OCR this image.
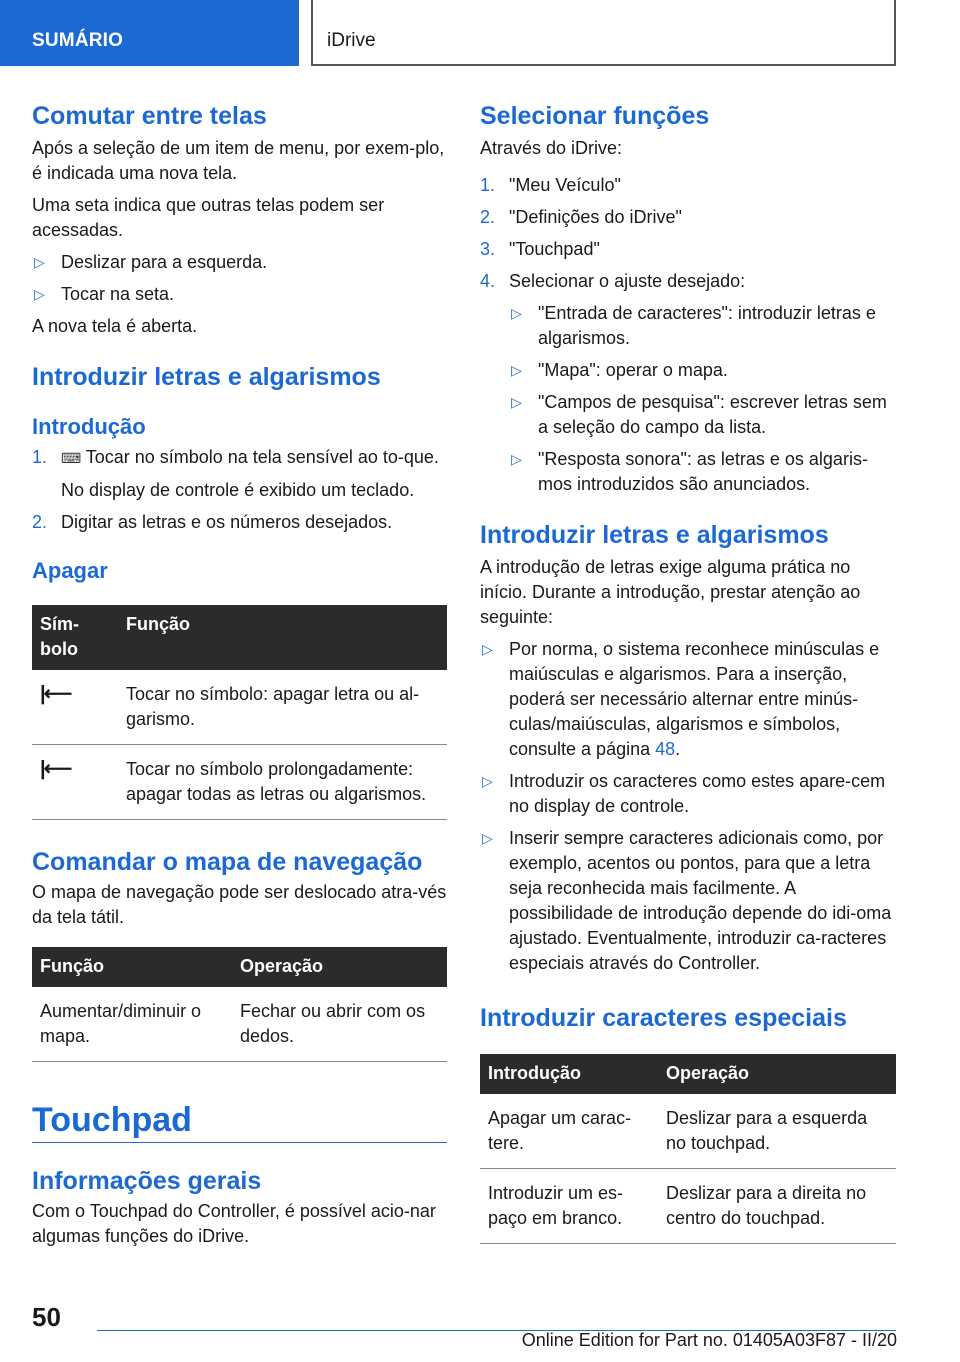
SUMÁRIO	iDrive
Comutar entre telas

Após a seleção de um item de menu, por exem-plo, é indicada uma nova tela.

Uma seta indica que outras telas podem ser acessadas.

▷ Deslizar para a esquerda.
▷ Tocar na seta.

A nova tela é aberta.

Introduzir letras e algarismos
Introdução
1. ⌨ Tocar no símbolo na tela sensível ao to-que.
No display de controle é exibido um teclado.
2. Digitar as letras e os números desejados.
Apagar
Sím-bolo	Função
|⟵	Tocar no símbolo: apagar letra ou al-garismo.
|⟵	Tocar no símbolo prolongadamente: apagar todas as letras ou algarismos.
Comandar o mapa de navegação

O mapa de navegação pode ser deslocado atra-vés da tela tátil.

Função	Operação
Aumentar/diminuir o mapa.	Fechar ou abrir com os dedos.
Touchpad
Informações gerais

Com o Touchpad do Controller, é possível acio-nar algumas funções do iDrive.

Selecionar funções

Através do iDrive:

1. "Meu Veículo"
2. "Definições do iDrive"
3. "Touchpad"
4. Selecionar o ajuste desejado:
▷ "Entrada de caracteres": introduzir letras e algarismos.
▷ "Mapa": operar o mapa.
▷ "Campos de pesquisa": escrever letras sem a seleção do campo da lista.
▷ "Resposta sonora": as letras e os algaris-mos introduzidos são anunciados.
Introduzir letras e algarismos

A introdução de letras exige alguma prática no início. Durante a introdução, prestar atenção ao seguinte:

▷ Por norma, o sistema reconhece minúsculas e maiúsculas e algarismos. Para a inserção, poderá ser necessário alternar entre minús-culas/maiúsculas, algarismos e símbolos, consulte a página 48.
▷ Introduzir os caracteres como estes apare-cem no display de controle.
▷ Inserir sempre caracteres adicionais como, por exemplo, acentos ou pontos, para que a letra seja reconhecida mais facilmente. A possibilidade de introdução depende do idi-oma ajustado. Eventualmente, introduzir ca-racteres especiais através do Controller.
Introduzir caracteres especiais
Introdução	Operação
Apagar um carac-tere.	Deslizar para a esquerda no touchpad.
Introduzir um es-paço em branco.	Deslizar para a direita no centro do touchpad.
50
Online Edition for Part no. 01405A03F87 - II/20
